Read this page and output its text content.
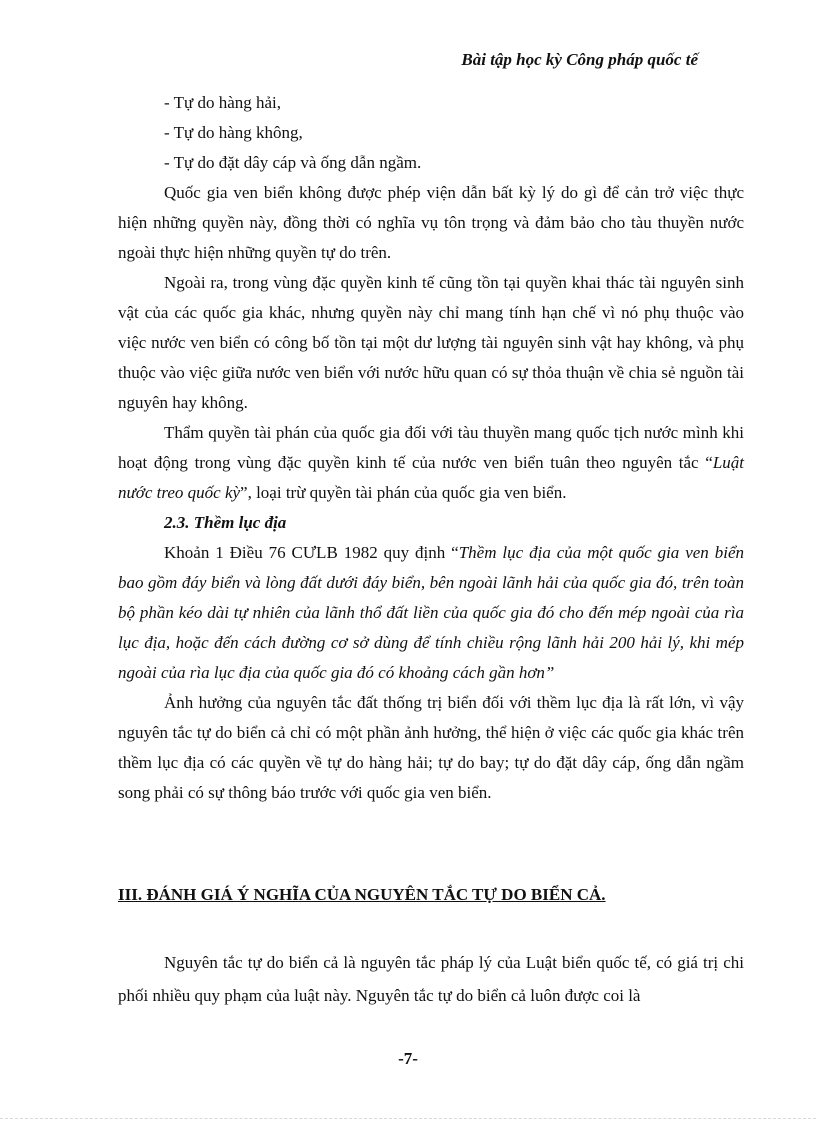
Bài tập học kỳ Công pháp quốc tế

- Tự do hàng hải,

- Tự do hàng không,

- Tự do đặt dây cáp và ống dẫn ngầm.

Quốc gia ven biển không được phép viện dẫn bất kỳ lý do gì để cản trở việc thực hiện những quyền này, đồng thời có nghĩa vụ tôn trọng và đảm bảo cho tàu thuyền nước ngoài thực hiện những quyền tự do trên.

III. ĐÁNH GIÁ Ý NGHĨA CỦA NGUYÊN TẮC TỰ DO BIỂN CẢ.
Nguyên tắc tự do biển cả là nguyên tắc pháp lý của Luật biển quốc tế, có giá trị chi phối nhiều quy phạm của luật này. Nguyên tắc tự do biển cả luôn được coi là
-7-

Ngoài ra, trong vùng đặc quyền kinh tế cũng tồn tại quyền khai thác tài nguyên sinh vật của các quốc gia khác, nhưng quyền này chỉ mang tính hạn chế vì nó phụ thuộc vào việc nước ven biển có công bố tồn tại một dư lượng tài nguyên sinh vật hay không, và phụ thuộc vào việc giữa nước ven biển với nước hữu quan có sự thỏa thuận về chia sẻ nguồn tài nguyên hay không.

Thẩm quyền tài phán của quốc gia đối với tàu thuyền mang quốc tịch nước mình khi hoạt động trong vùng đặc quyền kinh tế của nước ven biển tuân theo nguyên tắc “Luật nước treo quốc kỳ”, loại trừ quyền tài phán của quốc gia ven biển.

2.3. Thềm lục địa

Khoản 1 Điều 76 CƯLB 1982 quy định “Thềm lục địa của một quốc gia ven biển bao gồm đáy biển và lòng đất dưới đáy biển, bên ngoài lãnh hải của quốc gia đó, trên toàn bộ phần kéo dài tự nhiên của lãnh thổ đất liền của quốc gia đó cho đến mép ngoài của rìa lục địa, hoặc đến cách đường cơ sở dùng để tính chiều rộng lãnh hải 200 hải lý, khi mép ngoài của rìa lục địa của quốc gia đó có khoảng cách gần hơn”

Ảnh hưởng của nguyên tắc đất thống trị biển đối với thềm lục địa là rất lớn, vì vậy nguyên tắc tự do biển cả chỉ có một phần ảnh hưởng, thể hiện ở việc các quốc gia khác trên thềm lục địa có các quyền về tự do hàng hải; tự do bay; tự do đặt dây cáp, ống dẫn ngầm song phải có sự thông báo trước với quốc gia ven biển.
